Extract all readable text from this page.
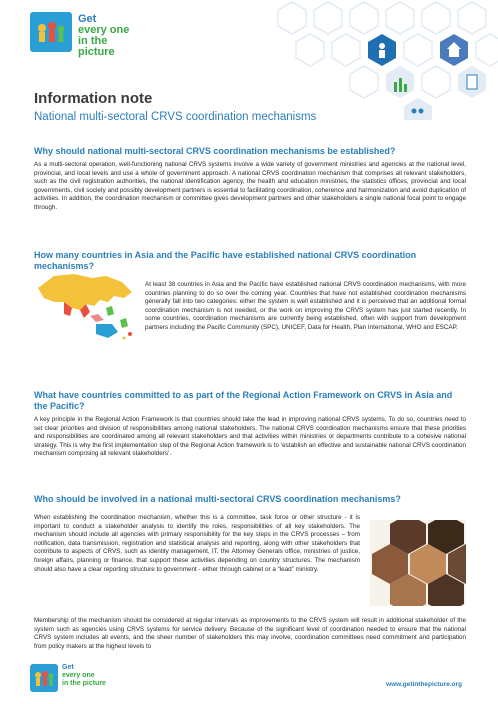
Get
every one
in the picture
Information note
National multi-sectoral CRVS coordination mechanisms
Why should national multi-sectoral CRVS coordination mechanisms be established?

As a multi-sectoral operation, well-functioning national CRVS systems involve a wide variety of government ministries and agencies at the national level, provincial, and local levels and use a whole of government approach. A national CRVS coordination mechanism that comprises all relevant stakeholders, such as the civil registration authorities, the national identification agency, the health and education ministries, the statistics offices, provincial and local governments, civil society and possibly development partners is essential to facilitating coordination, coherence and harmonization and avoid duplication of activities. In addition, the coordination mechanism or committee gives development partners and other stakeholders a single national focal point to engage through.

How many countries in Asia and the Pacific have established national CRVS coordination mechanisms?

At least 38 countries in Asia and the Pacific have established national CRVS coordination mechanisms, with more countries planning to do so over the coming year. Countries that have not established coordination mechanisms generally fall into two categories: either the system is well established and it is perceived that an additional formal coordination mechanism is not needed, or the work on improving the CRVS system has just started recently. In some countries, coordination mechanisms are currently being established, often with support from development partners including the Pacific Community (SPC), UNICEF, Data for Health, Plan International, WHO and ESCAP.

What have countries committed to as part of the Regional Action Framework on CRVS in Asia and the Pacific?

A key principle in the Regional Action Framework is that countries should take the lead in improving national CRVS systems. To do so, countries need to set clear priorities and division of responsibilities among national stakeholders. The national CRVS coordination mechanisms ensure that these priorities and responsibilities are coordinated among all relevant stakeholders and that activities within ministries or departments contribute to a cohesive national strategy. This is why the first implementation step of the Regional Action framework is to ‘establish an effective and sustainable national CRVS coordination mechanism comprising all relevant stakeholders’.

Who should be involved in a national multi-sectoral CRVS coordination mechanisms?

When establishing the coordination mechanism, whether this is a committee, task force or other structure - it is important to conduct a stakeholder analysis to identify the roles, responsibilities of all key stakeholders. The mechanism should include all agencies with primary responsibility for the key steps in the CRVS processes – from notification, data transmission, registration and statistical analysis and reporting, along with other stakeholders that contribute to aspects of CRVS, such as identity management, IT, the Attorney Generals office, ministries of justice, foreign affairs, planning or finance, that support these activities depending on country structures. The mechanism should also have a clear reporting structure to government - either through cabinet or a “lead” ministry.

Membership of the mechanism should be considered at regular intervals as improvements to the CRVS system will result in additional stakeholder of the system such as agencies using CRVS systems for service delivery. Because of the significant level of coordination needed to ensure that the national CRVS system includes all events, and the sheer number of stakeholders this may involve, coordination committees need commitment and participation from policy makers at the highest levels to

Get
every one
in the picture	www.getinthepicture.org
